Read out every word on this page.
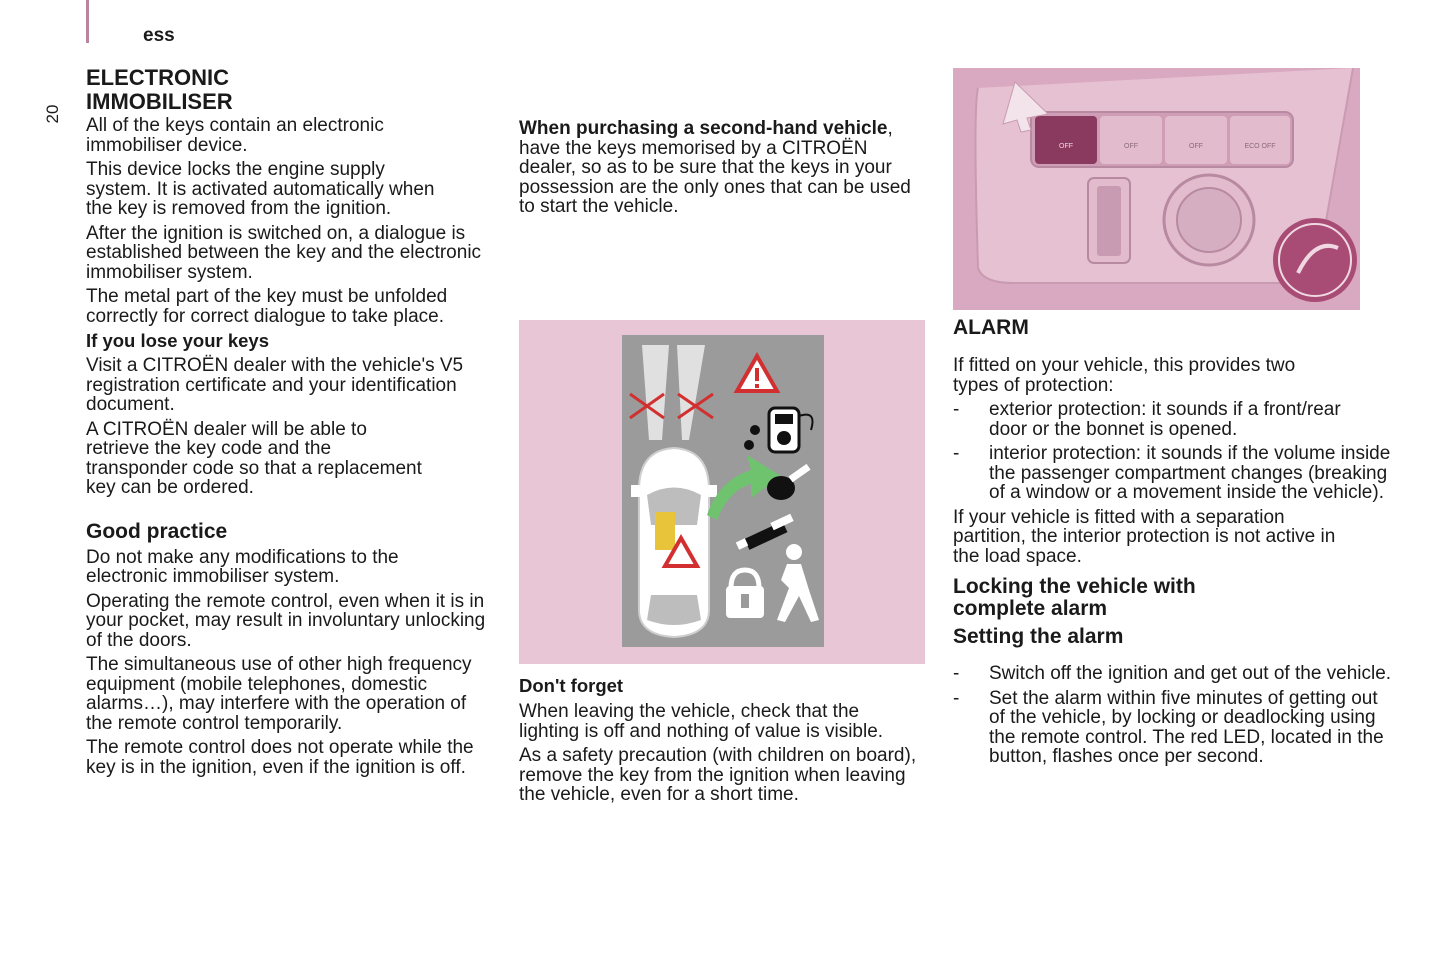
ess
20
ELECTRONIC IMMOBILISER

All of the keys contain an electronic immobiliser device.

This device locks the engine supply system. It is activated automatically when the key is removed from the ignition.

After the ignition is switched on, a dialogue is established between the key and the electronic immobiliser system.

The metal part of the key must be unfolded correctly for correct dialogue to take place.

If you lose your keys

Visit a CITROËN dealer with the vehicle's V5 registration certificate and your identification document.

A CITROËN dealer will be able to retrieve the key code and the transponder code so that a replacement key can be ordered.

Good practice

Do not make any modifications to the electronic immobiliser system.

Operating the remote control, even when it is in your pocket, may result in involuntary unlocking of the doors.

The simultaneous use of other high frequency equipment (mobile telephones, domestic alarms…), may interfere with the operation of the remote control temporarily.

The remote control does not operate while the key is in the ignition, even if the ignition is off.

When purchasing a second-hand vehicle, have the keys memorised by a CITROËN dealer, so as to be sure that the keys in your possession are the only ones that can be used to start the vehicle.

Don't forget

When leaving the vehicle, check that the lighting is off and nothing of value is visible.

As a safety precaution (with children on board), remove the key from the ignition when leaving the vehicle, even for a short time.

OFF	OFF	OFF	ECO OFF
ALARM

If fitted on your vehicle, this provides two types of protection:

- exterior protection: it sounds if a front/rear door or the bonnet is opened.
- interior protection: it sounds if the volume inside the passenger compartment changes (breaking of a window or a movement inside the vehicle).

If your vehicle is fitted with a separation partition, the interior protection is not active in the load space.

Locking the vehicle with complete alarm
Setting the alarm
- Switch off the ignition and get out of the vehicle.
- Set the alarm within five minutes of getting out of the vehicle, by locking or deadlocking using the remote control. The red LED, located in the button, flashes once per second.
